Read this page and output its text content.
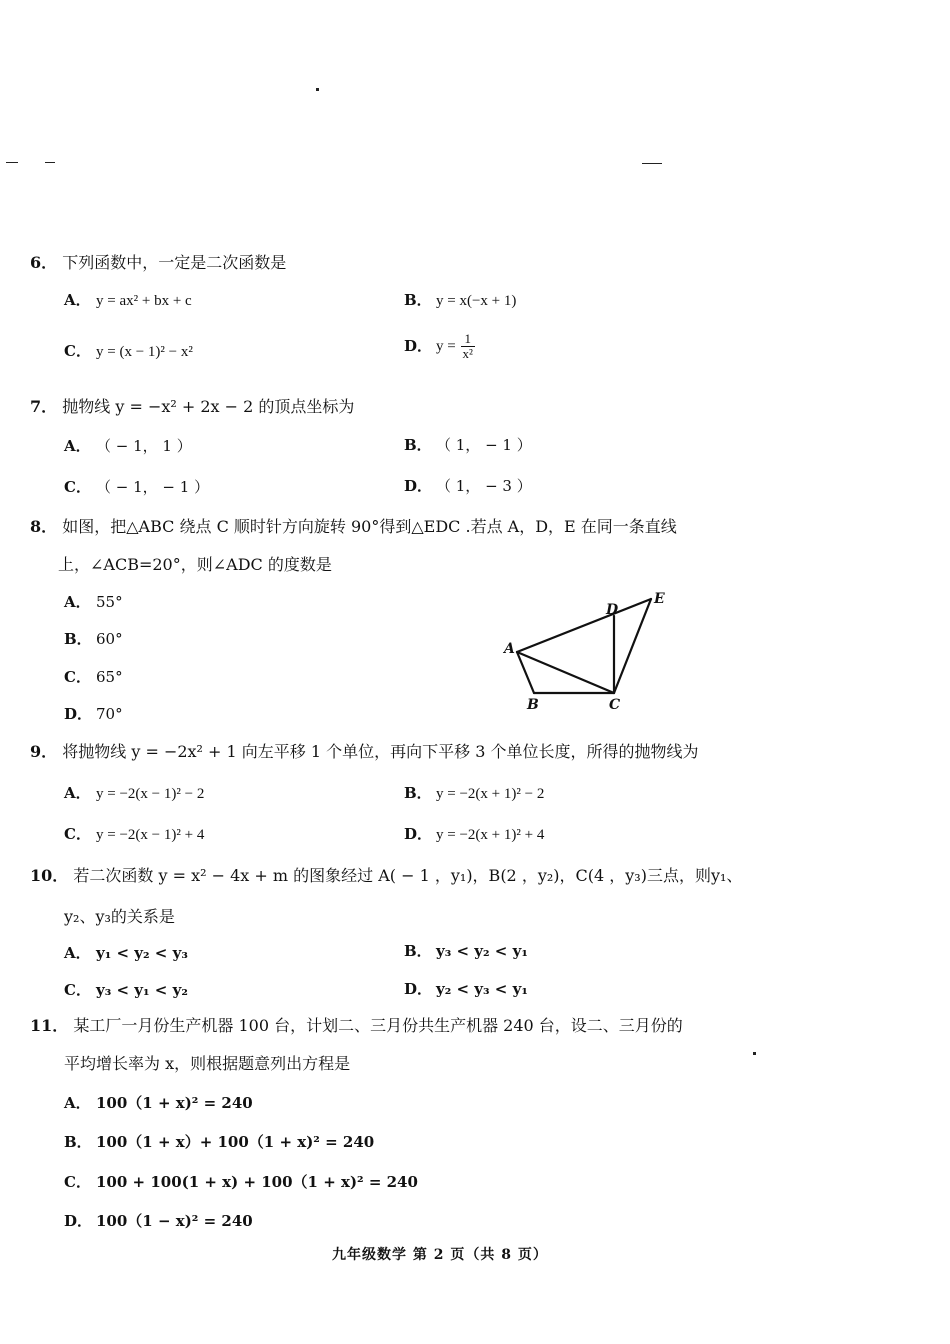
6． 下列函数中，一定是二次函数是
A． y = ax² + bx + c	B． y = x(−x + 1)
C． y = (x − 1)² − x²	D． $y = \frac{1}{\text{x²}}$
7． 抛物线 y = −x² + 2x − 2 的顶点坐标为
A． （ − 1， 1 ）	B． （ 1， − 1 ）
C． （ − 1， − 1 ）	D． （ 1， − 3 ）
8． 如图，把△ABC 绕点 C 顺时针方向旋转 90°得到△EDC .若点 A，D，E 在同一条直线
上，∠ACB=20°，则∠ADC 的度数是
A． 55°
B． 60°
C． 65°
D． 70°
A
B	C
D
E
9． 将抛物线 y = −2x² + 1 向左平移 1 个单位，再向下平移 3 个单位长度，所得的抛物线为
A． y = −2(x − 1)² − 2	B． y = −2(x + 1)² − 2
C． y = −2(x − 1)² + 4	D． y = −2(x + 1)² + 4
10． 若二次函数 y = x² − 4x + m 的图象经过 A( − 1 ，y₁)，B(2 ，y₂)，C(4 ，y₃)三点，则y₁、
y₂、y₃的关系是
A． y₁ < y₂ < y₃	B． y₃ < y₂ < y₁
C． y₃ < y₁ < y₂	D． y₂ < y₃ < y₁
11． 某工厂一月份生产机器 100 台，计划二、三月份共生产机器 240 台，设二、三月份的
平均增长率为 x，则根据题意列出方程是
A． 100（1 + x)² = 240
B． 100（1 + x）+ 100（1 + x)² = 240
C． 100 + 100(1 + x) + 100（1 + x)² = 240
D． 100（1 − x)² = 240
九年级数学 第 2 页（共 8 页）
